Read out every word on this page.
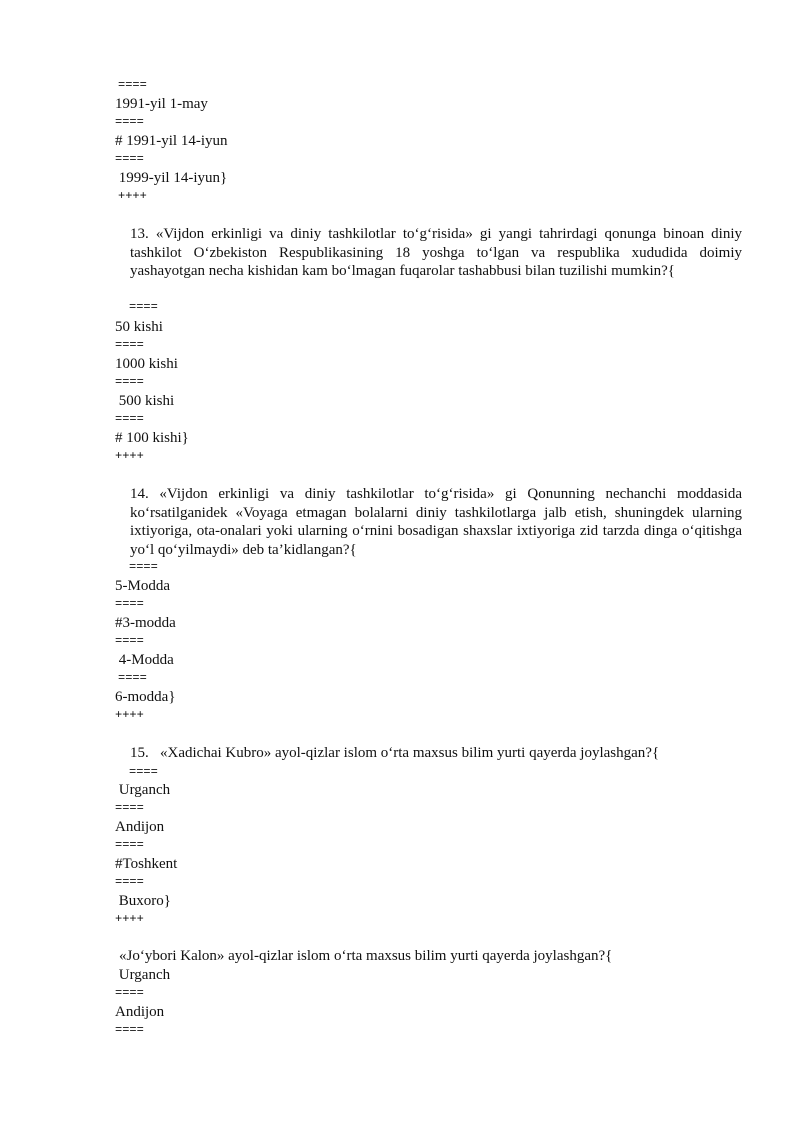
====
1991-yil 1-may
====
# 1991-yil 14-iyun
====
1999-yil 14-iyun}
++++

13. «Vijdon erkinligi va diniy tashkilotlar to‘g‘risida» gi yangi tahrirdagi qonunga binoan diniy tashkilot O‘zbekiston Respublikasining 18 yoshga to‘lgan va respublika xududida doimiy yashayotgan necha kishidan kam bo‘lmagan fuqarolar tashabbusi bilan tuzilishi mumkin?{

====
50 kishi
====
1000 kishi
====
500 kishi
====
# 100 kishi}
++++

14. «Vijdon erkinligi va diniy tashkilotlar to‘g‘risida» gi Qonunning nechanchi moddasida ko‘rsatilganidek «Voyaga etmagan bolalarni diniy tashkilotlarga jalb etish, shuningdek ularning ixtiyoriga, ota-onalari yoki ularning o‘rnini bosadigan shaxslar ixtiyoriga zid tarzda dinga o‘qitishga yo‘l qo‘yilmaydi» deb ta’kidlangan?{

====
5-Modda
====
#3-modda
====
4-Modda
====
6-modda}
++++
15.   «Xadichai Kubro» ayol-qizlar islom o‘rta maxsus bilim yurti qayerda joylashgan?{
====
Urganch
====
Andijon
====
#Toshkent
====
Buxoro}
++++
«Jo‘ybori Kalon» ayol-qizlar islom o‘rta maxsus bilim yurti qayerda joylashgan?{
Urganch
====
Andijon
====
